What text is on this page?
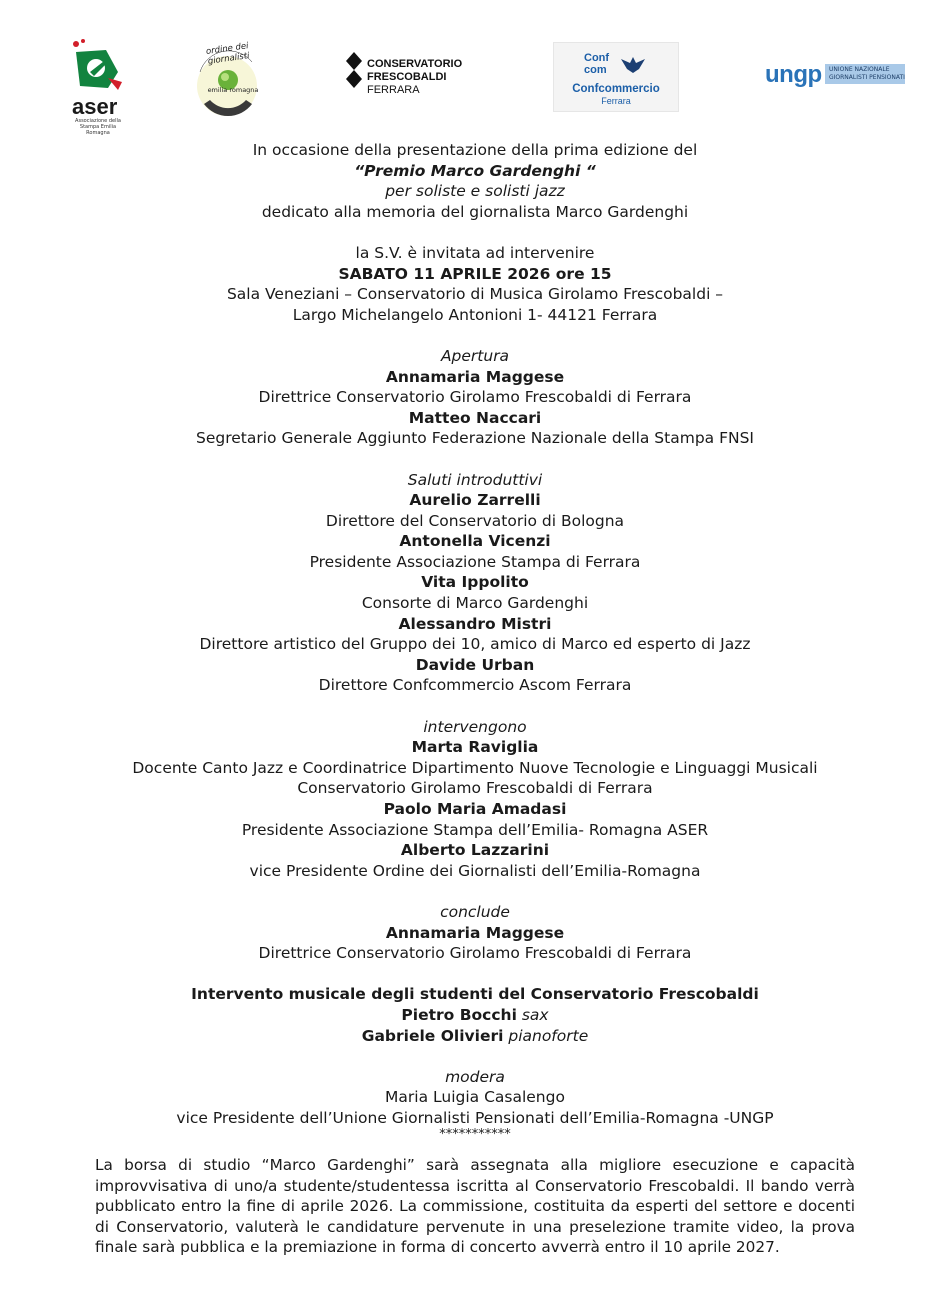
aser
Associazione della Stampa Emilia Romagna
ordine dei giornalisti
emilia romagna
CONSERVATORIO
FRESCOBALDI
FERRARA
Conf
com
Confcommercio
Ferrara
ungp UNIONE NAZIONALE
GIORNALISTI PENSIONATI
In occasione della presentazione della prima edizione del
“Premio Marco Gardenghi “
per soliste e solisti jazz
dedicato alla memoria del giornalista Marco Gardenghi
la S.V. è invitata ad intervenire
SABATO 11 APRILE 2026 ore 15
Sala Veneziani – Conservatorio di Musica Girolamo Frescobaldi –
Largo Michelangelo Antonioni 1- 44121 Ferrara
Apertura
Annamaria Maggese
Direttrice Conservatorio Girolamo Frescobaldi di Ferrara
Matteo Naccari
Segretario Generale Aggiunto Federazione Nazionale della Stampa FNSI
Saluti introduttivi
Aurelio Zarrelli
Direttore del Conservatorio di Bologna
Antonella Vicenzi
Presidente Associazione Stampa di Ferrara
Vita Ippolito
Consorte di Marco Gardenghi
Alessandro Mistri
Direttore artistico del Gruppo dei 10, amico di Marco ed esperto di Jazz
Davide Urban
Direttore Confcommercio Ascom Ferrara
intervengono
Marta Raviglia
Docente Canto Jazz e Coordinatrice Dipartimento Nuove Tecnologie e Linguaggi Musicali
Conservatorio Girolamo Frescobaldi di Ferrara
Paolo Maria Amadasi
Presidente Associazione Stampa dell’Emilia- Romagna ASER
Alberto Lazzarini
vice Presidente Ordine dei Giornalisti dell’Emilia-Romagna
conclude
Annamaria Maggese
Direttrice Conservatorio Girolamo Frescobaldi di Ferrara
Intervento musicale degli studenti del Conservatorio Frescobaldi
Pietro Bocchi sax
Gabriele Olivieri pianoforte
modera
Maria Luigia Casalengo
vice Presidente dell’Unione Giornalisti Pensionati dell’Emilia-Romagna -UNGP
***********
La borsa di studio “Marco Gardenghi” sarà assegnata alla migliore esecuzione e capacità improvvisativa di uno/a studente/studentessa iscritta al Conservatorio Frescobaldi. Il bando verrà pubblicato entro la fine di aprile 2026. La commissione, costituita da esperti del settore e docenti di Conservatorio, valuterà le candidature pervenute in una preselezione tramite video, la prova finale sarà pubblica e la premiazione in forma di concerto avverrà entro il 10 aprile 2027.
